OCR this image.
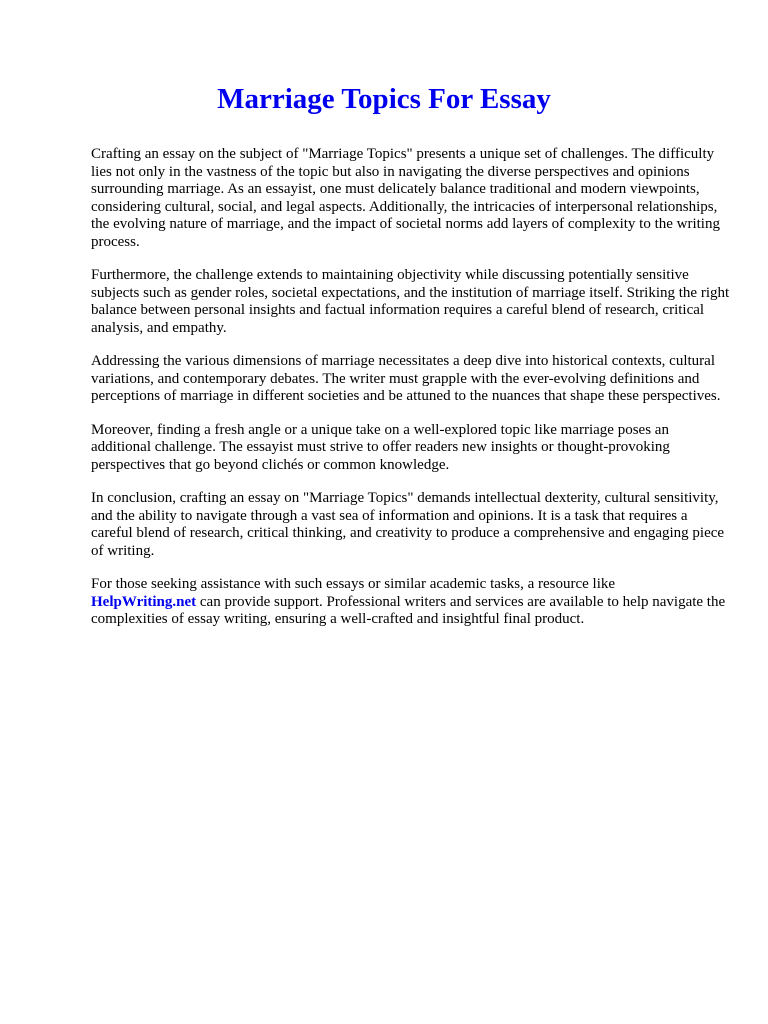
Marriage Topics For Essay

Crafting an essay on the subject of "Marriage Topics" presents a unique set of challenges. The difficulty lies not only in the vastness of the topic but also in navigating the diverse perspectives and opinions surrounding marriage. As an essayist, one must delicately balance traditional and modern viewpoints, considering cultural, social, and legal aspects. Additionally, the intricacies of interpersonal relationships, the evolving nature of marriage, and the impact of societal norms add layers of complexity to the writing process.

Furthermore, the challenge extends to maintaining objectivity while discussing potentially sensitive subjects such as gender roles, societal expectations, and the institution of marriage itself. Striking the right balance between personal insights and factual information requires a careful blend of research, critical analysis, and empathy.

Addressing the various dimensions of marriage necessitates a deep dive into historical contexts, cultural variations, and contemporary debates. The writer must grapple with the ever-evolving definitions and perceptions of marriage in different societies and be attuned to the nuances that shape these perspectives.

Moreover, finding a fresh angle or a unique take on a well-explored topic like marriage poses an additional challenge. The essayist must strive to offer readers new insights or thought-provoking perspectives that go beyond clichés or common knowledge.

In conclusion, crafting an essay on "Marriage Topics" demands intellectual dexterity, cultural sensitivity, and the ability to navigate through a vast sea of information and opinions. It is a task that requires a careful blend of research, critical thinking, and creativity to produce a comprehensive and engaging piece of writing.

For those seeking assistance with such essays or similar academic tasks, a resource like
HelpWriting.net can provide support. Professional writers and services are available to help navigate the complexities of essay writing, ensuring a well-crafted and insightful final product.
